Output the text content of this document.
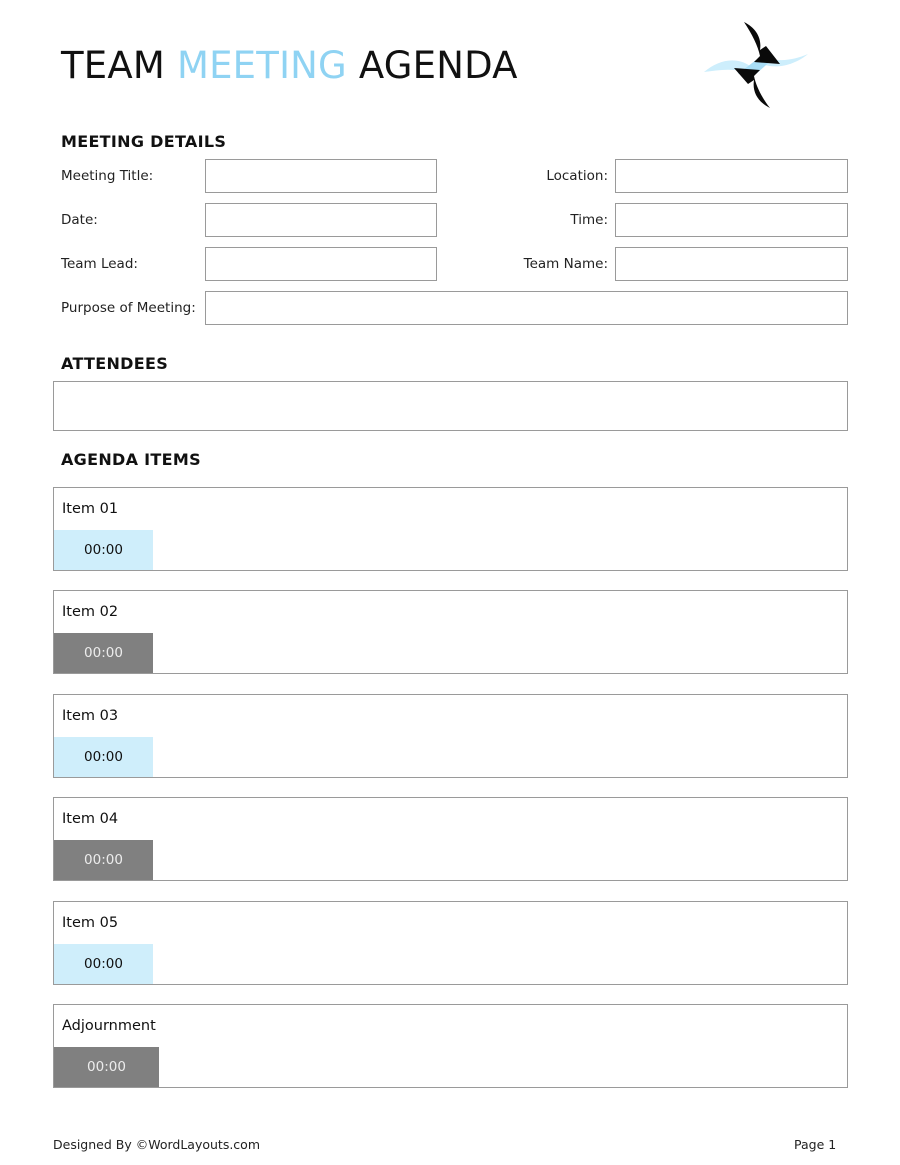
TEAM MEETING AGENDA
MEETING DETAILS
Meeting Title:	Location:
Date:	Time:
Team Lead:	Team Name:
Purpose of Meeting:
ATTENDEES
AGENDA ITEMS
Item 01
00:00
Item 02
00:00
Item 03
00:00
Item 04
00:00
Item 05
00:00
Adjournment
00:00
Designed By ©WordLayouts.com	Page 1
